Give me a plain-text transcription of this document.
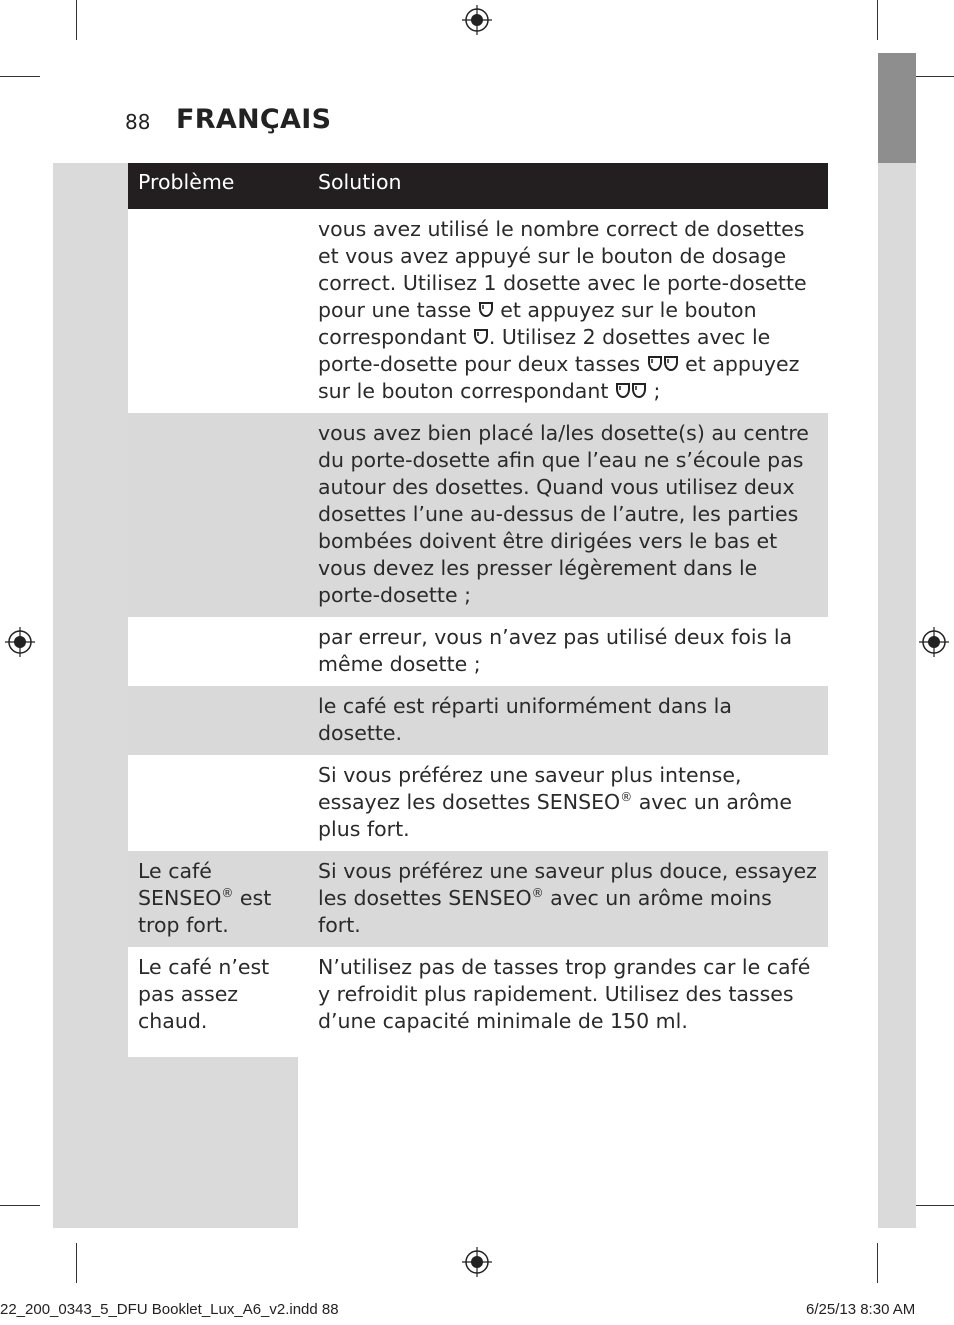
88 FRANÇAIS
Problème	Solution
	vous avez utilisé le nombre correct de dosettes et vous avez appuyé sur le bouton de dosage correct. Utilisez 1 dosette avec le porte-dosette pour une tasse et appuyez sur le bouton correspondant . Utilisez 2 dosettes avec le porte-dosette pour deux tasses et appuyez sur le bouton correspondant ;
	vous avez bien placé la/les dosette(s) au centre du porte-dosette afin que l’eau ne s’écoule pas autour des dosettes. Quand vous utilisez deux dosettes l’une au-dessus de l’autre, les parties bombées doivent être dirigées vers le bas et vous devez les presser légèrement dans le porte-dosette ;
	par erreur, vous n’avez pas utilisé deux fois la même dosette ;
	le café est réparti uniformément dans la dosette.
	Si vous préférez une saveur plus intense, essayez les dosettes SENSEO® avec un arôme plus fort.
Le café SENSEO® est trop fort.	Si vous préférez une saveur plus douce, essayez les dosettes SENSEO® avec un arôme moins fort.
Le café n’est pas assez chaud.	N’utilisez pas de tasses trop grandes car le café y refroidit plus rapidement. Utilisez des tasses d’une capacité minimale de 150 ml.
22_200_0343_5_DFU Booklet_Lux_A6_v2.indd 88	6/25/13 8:30 AM
